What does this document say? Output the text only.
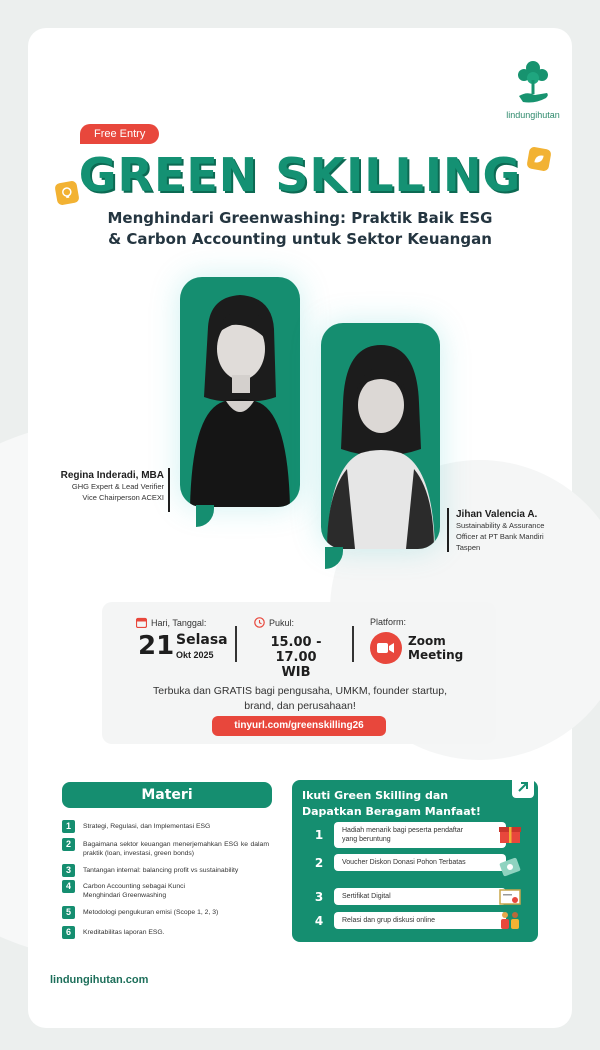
lindungihutan
Free Entry
GREEN SKILLING
Menghindari Greenwashing: Praktik Baik ESG
& Carbon Accounting untuk Sektor Keuangan
Regina Inderadi, MBA
GHG Expert & Lead Verifier
Vice Chairperson ACEXI
Jihan Valencia A.
Sustainability & Assurance
Officer at PT Bank Mandiri
Taspen
Hari, Tanggal:
21 Selasa
Okt 2025
Pukul:
15.00 - 17.00
WIB
Platform:
Zoom
Meeting
Terbuka dan GRATIS bagi pengusaha, UMKM, founder startup,
brand, dan perusahaan!
tinyurl.com/greenskilling26
Materi
1	Strategi, Regulasi, dan Implementasi ESG
2	Bagaimana sektor keuangan menerjemahkan ESG ke dalam praktik (loan, investasi, green bonds)
3	Tantangan internal: balancing profit vs sustainability
4	Carbon Accounting sebagai Kunci Menghindari Greenwashing
5	Metodologi pengukuran emisi (Scope 1, 2, 3)
6	Kreditabilitas laporan ESG.
Ikuti Green Skilling dan
Dapatkan Beragam Manfaat!
1	Hadiah menarik bagi peserta pendaftar yang beruntung
2	Voucher Diskon Donasi Pohon Terbatas
3	Sertifikat Digital
4	Relasi dan grup diskusi online
lindungihutan.com
